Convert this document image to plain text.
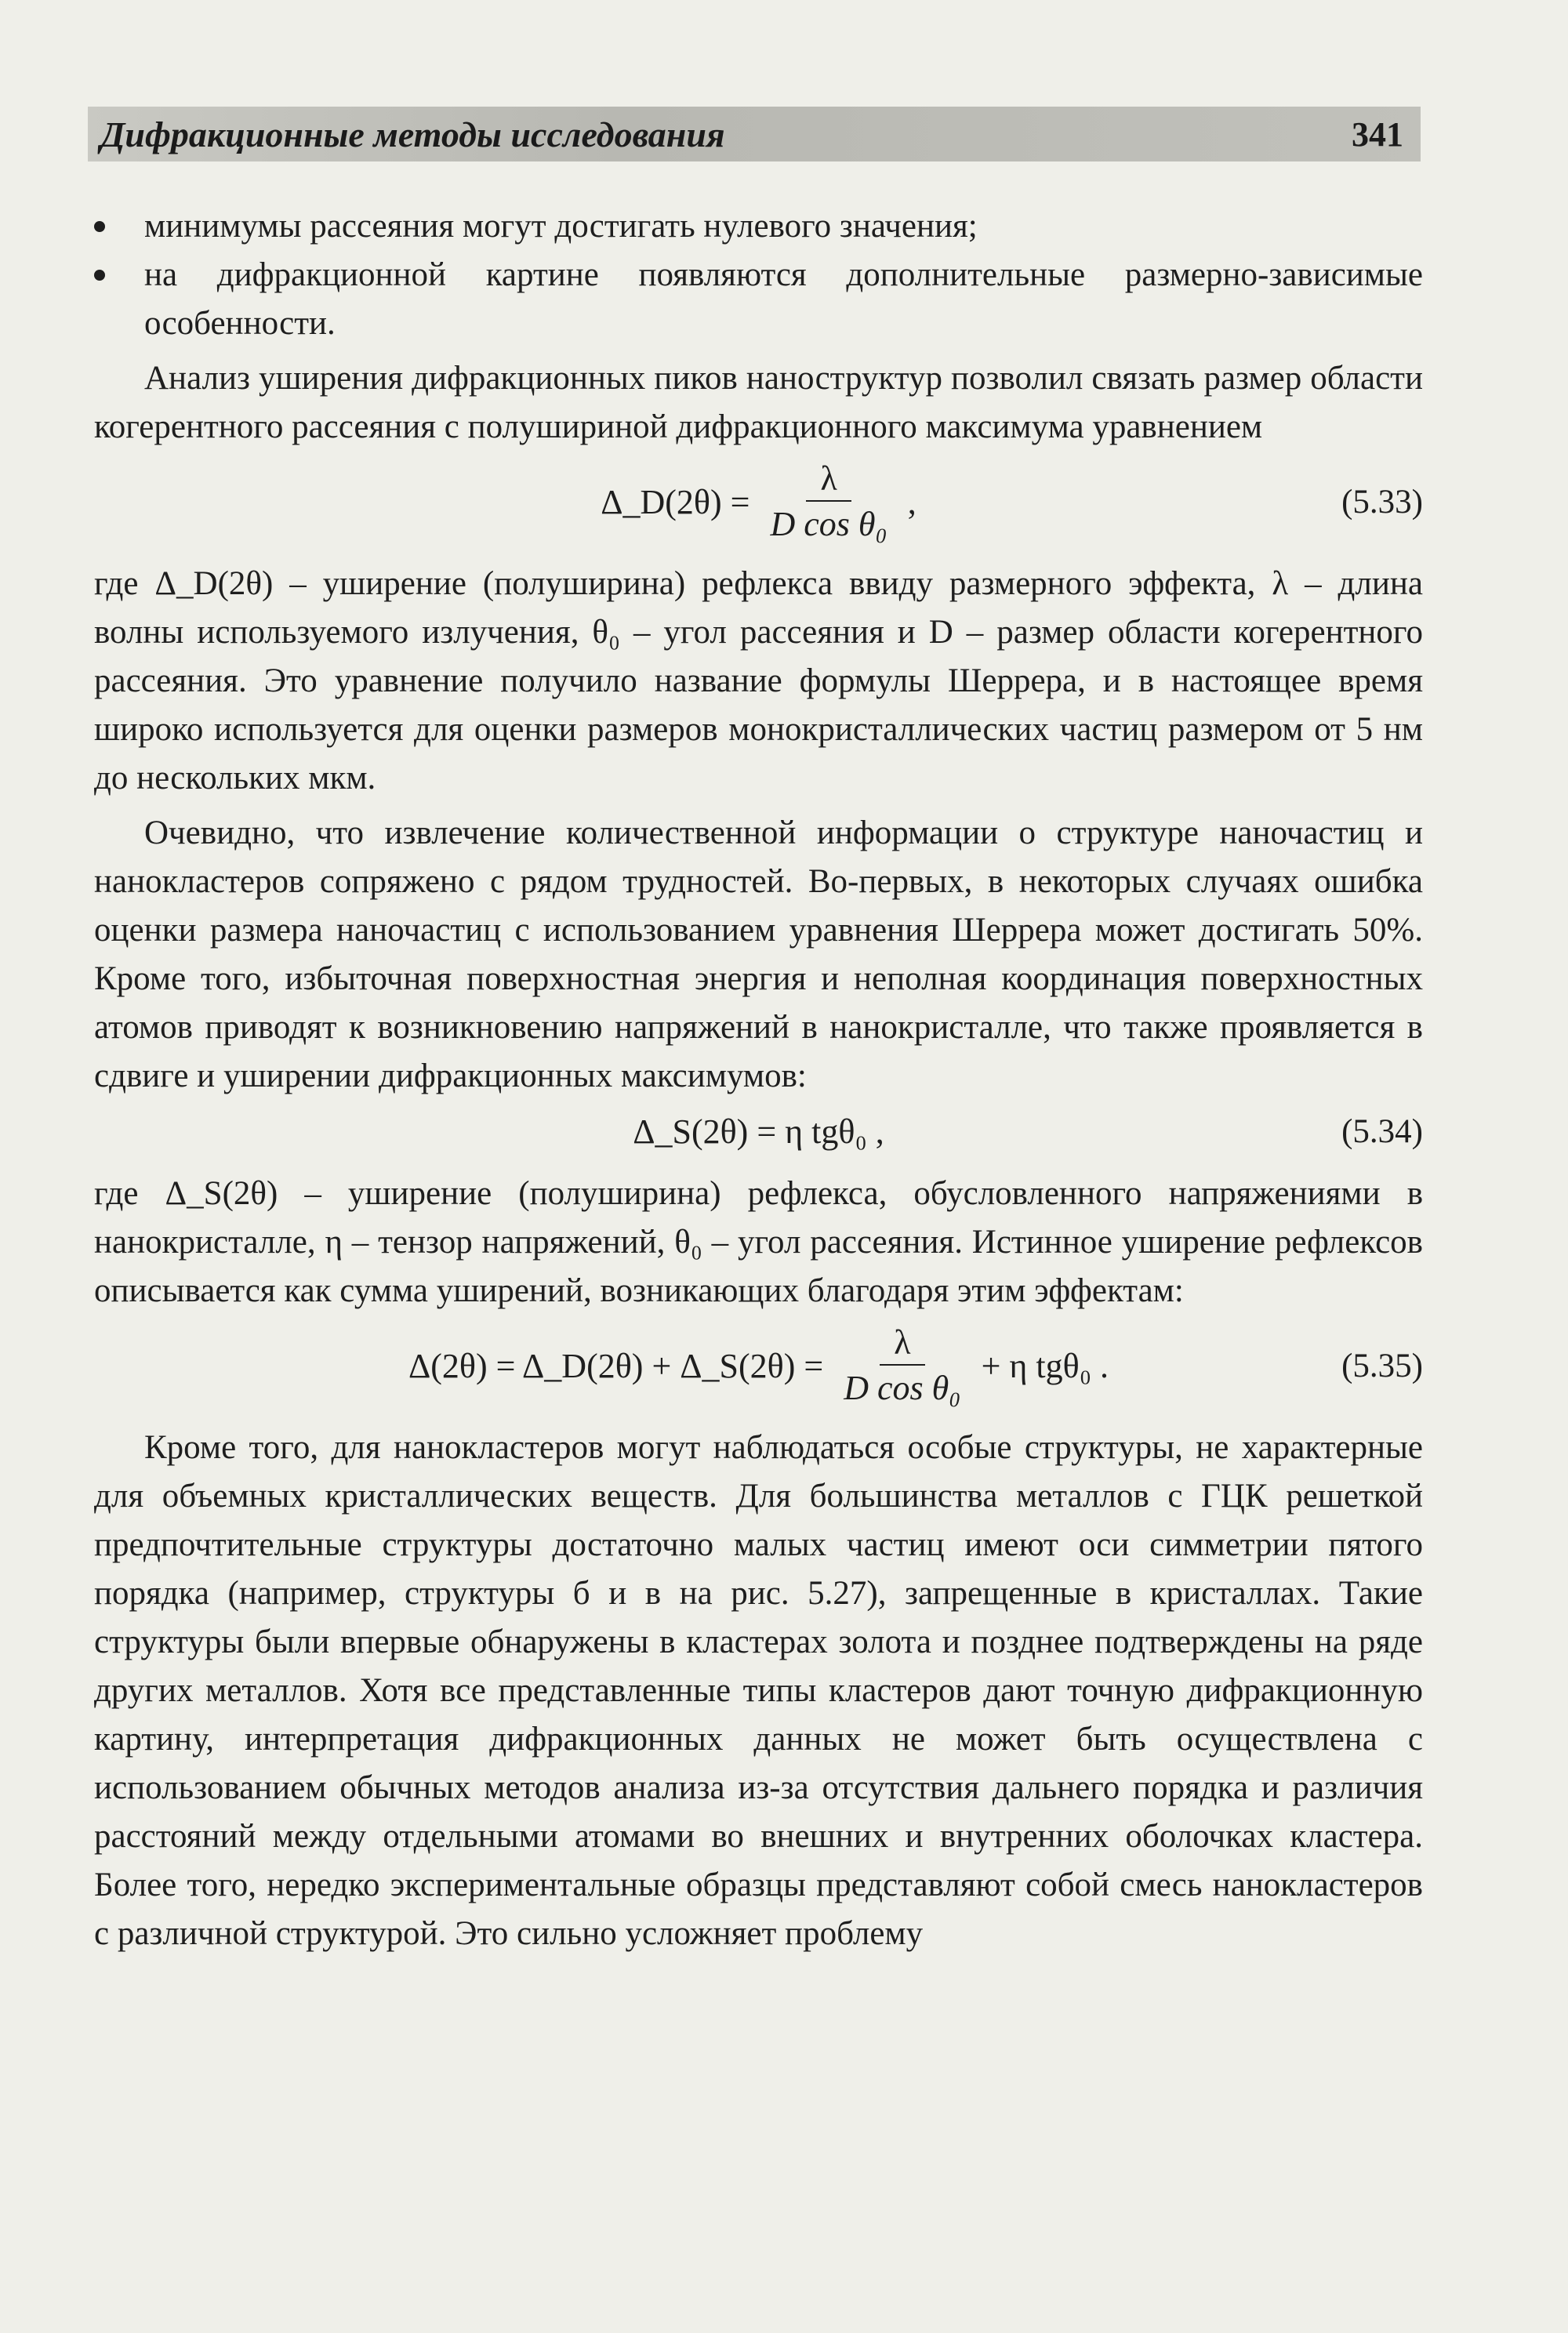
Дифракционные методы исследования	341
минимумы рассеяния могут достигать нулевого значения;
на дифракционной картине появляются дополнительные размерно-зависимые особенности.

Анализ уширения дифракционных пиков наноструктур позволил связать размер области когерентного рассеяния с полушириной дифракционного максимума уравнением

Δ_D(2θ) = $\frac{\lambda}{\text{D cos θ₀}}$ ,	(5.33)

где Δ_D(2θ) – уширение (полуширина) рефлекса ввиду размерного эффекта, λ – длина волны используемого излучения, θ₀ – угол рассеяния и D – размер области когерентного рассеяния. Это уравнение получило название формулы Шеррера, и в настоящее время широко используется для оценки размеров монокристаллических частиц размером от 5 нм до нескольких мкм.

Очевидно, что извлечение количественной информации о структуре наночастиц и нанокластеров сопряжено с рядом трудностей. Во-первых, в некоторых случаях ошибка оценки размера наночастиц с использованием уравнения Шеррера может достигать 50%. Кроме того, избыточная поверхностная энергия и неполная координация поверхностных атомов приводят к возникновению напряжений в нанокристалле, что также проявляется в сдвиге и уширении дифракционных максимумов:

Δ_S(2θ) = η tgθ₀ ,	(5.34)

где Δ_S(2θ) – уширение (полуширина) рефлекса, обусловленного напряжениями в нанокристалле, η – тензор напряжений, θ₀ – угол рассеяния. Истинное уширение рефлексов описывается как сумма уширений, возникающих благодаря этим эффектам:

Δ(2θ) = Δ_D(2θ) + Δ_S(2θ) = $\frac{\lambda}{\text{D cos θ₀}} + \eta$ tgθ₀ .	(5.35)

Кроме того, для нанокластеров могут наблюдаться особые структуры, не характерные для объемных кристаллических веществ. Для большинства металлов с ГЦК решеткой предпочтительные структуры достаточно малых частиц имеют оси симметрии пятого порядка (например, структуры б и в на рис. 5.27), запрещенные в кристаллах. Такие структуры были впервые обнаружены в кластерах золота и позднее подтверждены на ряде других металлов. Хотя все представленные типы кластеров дают точную дифракционную картину, интерпретация дифракционных данных не может быть осуществлена с использованием обычных методов анализа из-за отсутствия дальнего порядка и различия расстояний между отдельными атомами во внешних и внутренних оболочках кластера. Более того, нередко экспериментальные образцы представляют собой смесь нанокластеров с различной структурой. Это сильно усложняет проблему
